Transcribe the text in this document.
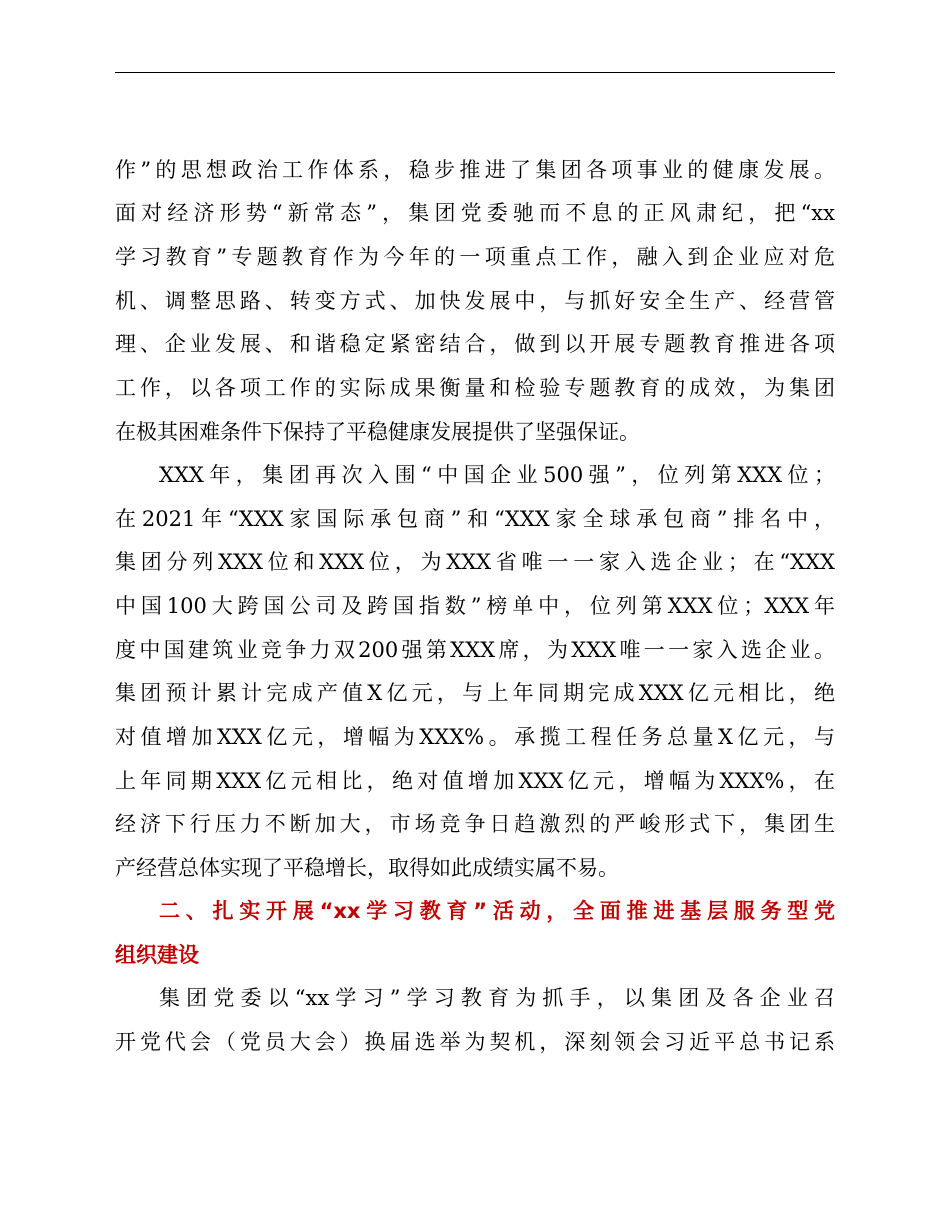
作”的思想政治工作体系，稳步推进了集团各项事业的健康发展。
面对经济形势“新常态”，集团党委驰而不息的正风肃纪，把“xx
学习教育”专题教育作为今年的一项重点工作，融入到企业应对危
机、调整思路、转变方式、加快发展中，与抓好安全生产、经营管
理、企业发展、和谐稳定紧密结合，做到以开展专题教育推进各项
工作，以各项工作的实际成果衡量和检验专题教育的成效，为集团
在极其困难条件下保持了平稳健康发展提供了坚强保证。
XXX年，集团再次入围“中国企业500强”，位列第XXX位；
在2021年“XXX家国际承包商”和“XXX家全球承包商”排名中，
集团分列XXX位和XXX位，为XXX省唯一一家入选企业；在“XXX
中国100大跨国公司及跨国指数”榜单中，位列第XXX位；XXX年
度中国建筑业竞争力双200强第XXX席，为XXX唯一一家入选企业。
集团预计累计完成产值X亿元，与上年同期完成XXX亿元相比，绝
对值增加XXX亿元，增幅为XXX%。承揽工程任务总量X亿元，与
上年同期XXX亿元相比，绝对值增加XXX亿元，增幅为XXX%，在
经济下行压力不断加大，市场竞争日趋激烈的严峻形式下，集团生
产经营总体实现了平稳增长，取得如此成绩实属不易。
二、扎实开展“xx学习教育”活动，全面推进基层服务型党
组织建设
集团党委以“xx学习”学习教育为抓手，以集团及各企业召
开党代会（党员大会）换届选举为契机，深刻领会习近平总书记系
